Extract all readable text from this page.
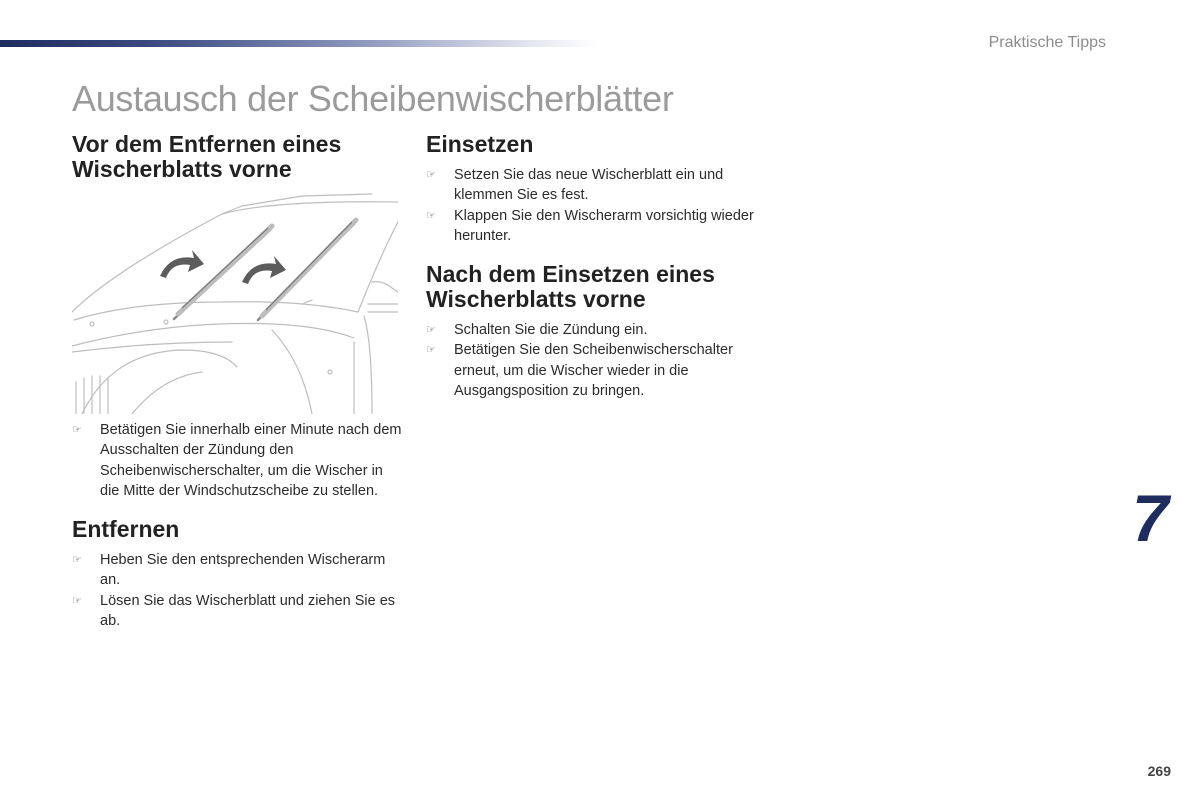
Praktische Tipps
Austausch der Scheibenwischerblätter
Vor dem Entfernen eines Wischerblatts vorne
☞ Betätigen Sie innerhalb einer Minute nach dem Ausschalten der Zündung den Scheibenwischerschalter, um die Wischer in die Mitte der Windschutzscheibe zu stellen.
Entfernen
☞ Heben Sie den entsprechenden Wischerarm an.
☞ Lösen Sie das Wischerblatt und ziehen Sie es ab.
Einsetzen
☞ Setzen Sie das neue Wischerblatt ein und klemmen Sie es fest.
☞ Klappen Sie den Wischerarm vorsichtig wieder herunter.
Nach dem Einsetzen eines Wischerblatts vorne
☞ Schalten Sie die Zündung ein.
☞ Betätigen Sie den Scheibenwischerschalter erneut, um die Wischer wieder in die Ausgangsposition zu bringen.
7
269
